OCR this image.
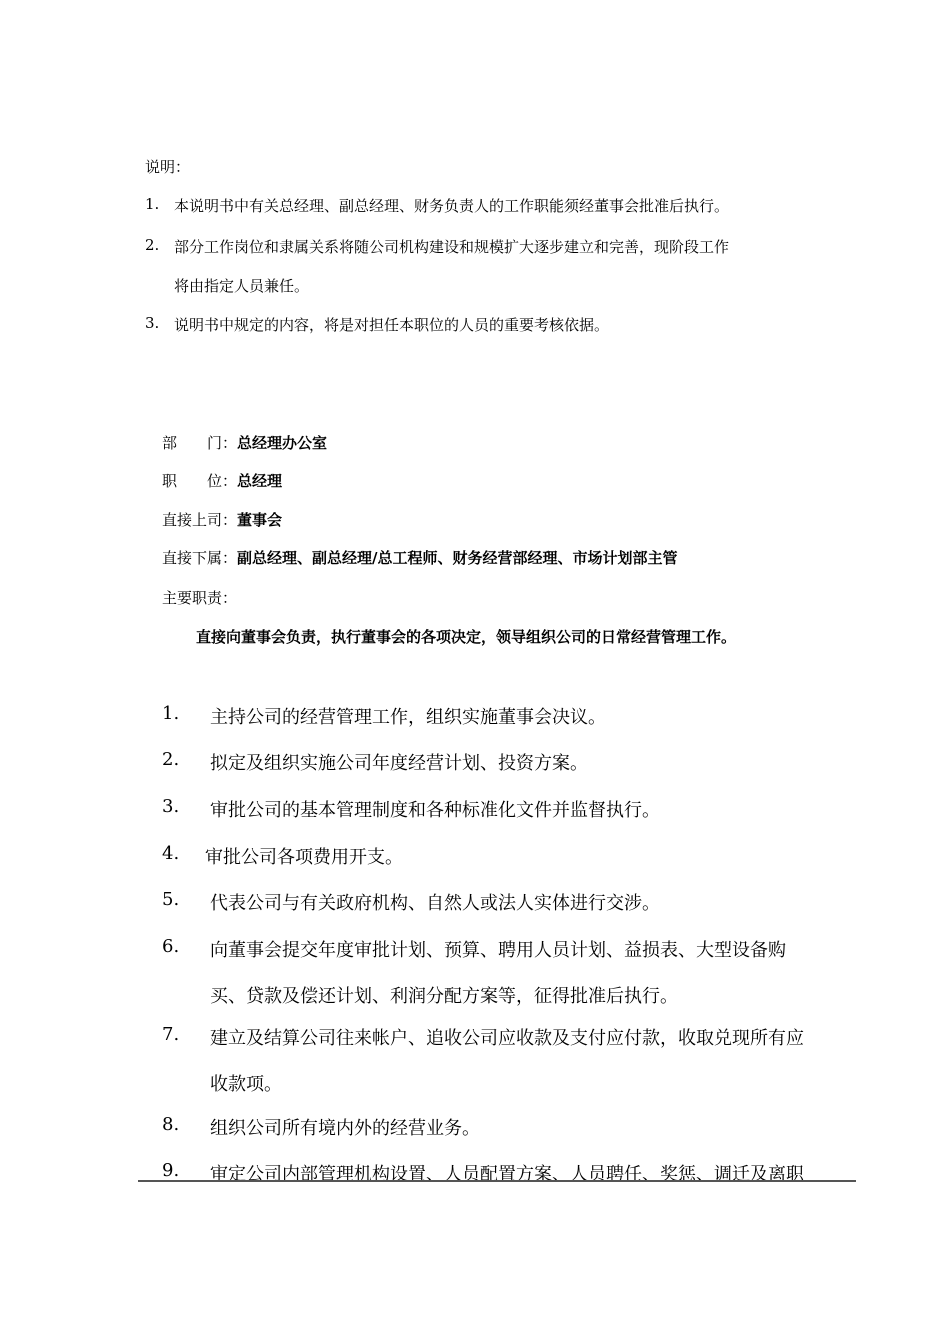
说明：
1. 本说明书中有关总经理、副总经理、财务负责人的工作职能须经董事会批准后执行。
2. 部分工作岗位和隶属关系将随公司机构建设和规模扩大逐步建立和完善，现阶段工作
将由指定人员兼任。
3. 说明书中规定的内容，将是对担任本职位的人员的重要考核依据。
部　　门：总经理办公室
职　　位：总经理
直接上司：董事会
直接下属：副总经理、副总经理/总工程师、财务经营部经理、市场计划部主管
主要职责：
直接向董事会负责，执行董事会的各项决定，领导组织公司的日常经营管理工作。
1. 主持公司的经营管理工作，组织实施董事会决议。
2. 拟定及组织实施公司年度经营计划、投资方案。
3. 审批公司的基本管理制度和各种标准化文件并监督执行。
4. 审批公司各项费用开支。
5. 代表公司与有关政府机构、自然人或法人实体进行交涉。
6. 向董事会提交年度审批计划、预算、聘用人员计划、益损表、大型设备购
买、贷款及偿还计划、利润分配方案等，征得批准后执行。
7. 建立及结算公司往来帐户、追收公司应收款及支付应付款，收取兑现所有应
收款项。
8. 组织公司所有境内外的经营业务。
9. 审定公司内部管理机构设置、人员配置方案、人员聘任、奖惩、调迁及离职
